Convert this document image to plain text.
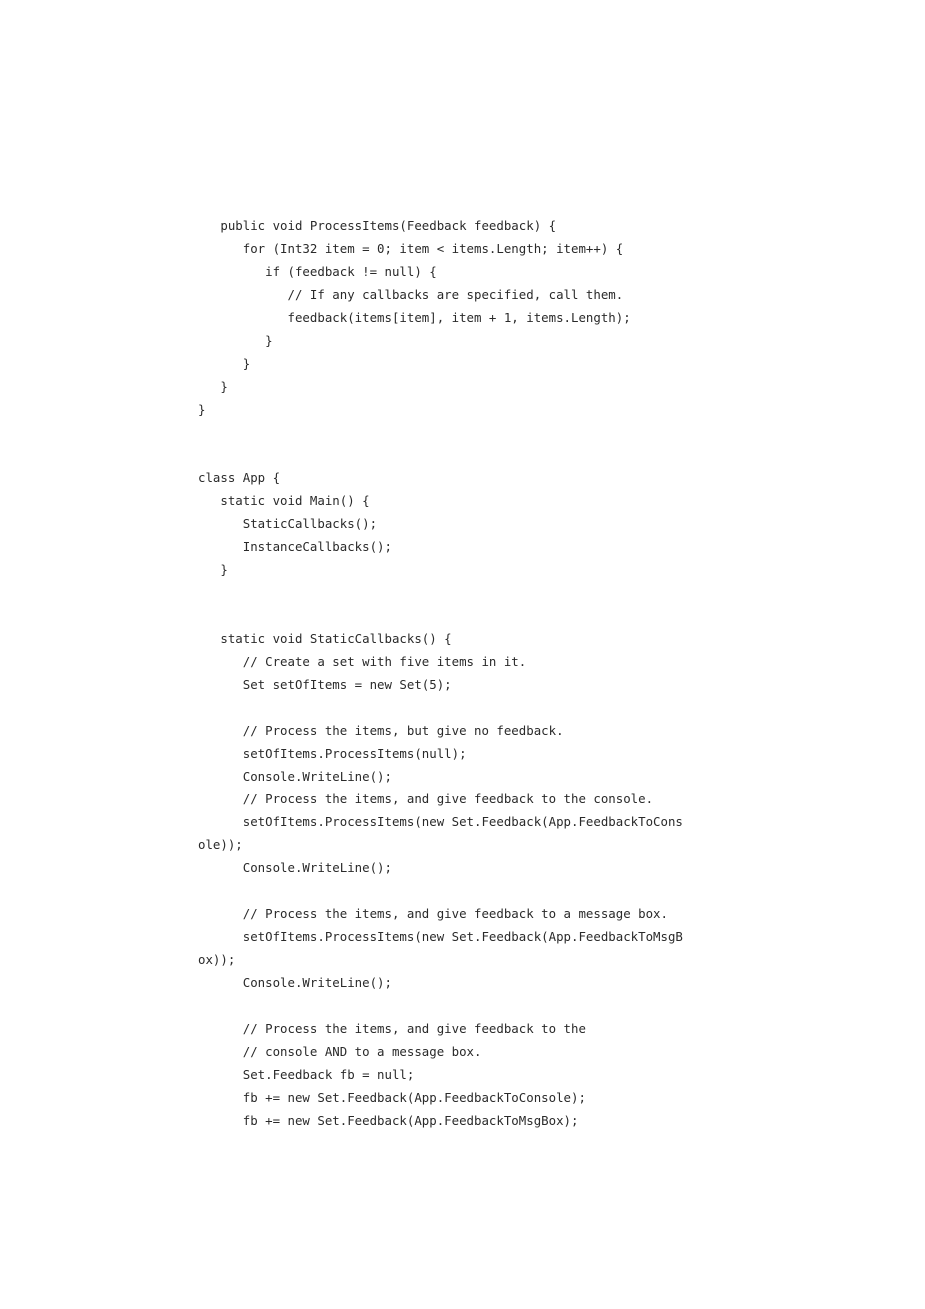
public void ProcessItems(Feedback feedback) {
for (Int32 item = 0; item < items.Length; item++) {
if (feedback != null) {
// If any callbacks are specified, call them.
feedback(items[item], item + 1, items.Length);
}
}
}
}
class App {
static void Main() {
StaticCallbacks();
InstanceCallbacks();
}
static void StaticCallbacks() {
// Create a set with five items in it.
Set setOfItems = new Set(5);
// Process the items, but give no feedback.
setOfItems.ProcessItems(null);
Console.WriteLine();
// Process the items, and give feedback to the console.
setOfItems.ProcessItems(new Set.Feedback(App.FeedbackToCons
ole));
Console.WriteLine();
// Process the items, and give feedback to a message box.
setOfItems.ProcessItems(new Set.Feedback(App.FeedbackToMsgB
ox));
Console.WriteLine();
// Process the items, and give feedback to the
// console AND to a message box.
Set.Feedback fb = null;
fb += new Set.Feedback(App.FeedbackToConsole);
fb += new Set.Feedback(App.FeedbackToMsgBox);
